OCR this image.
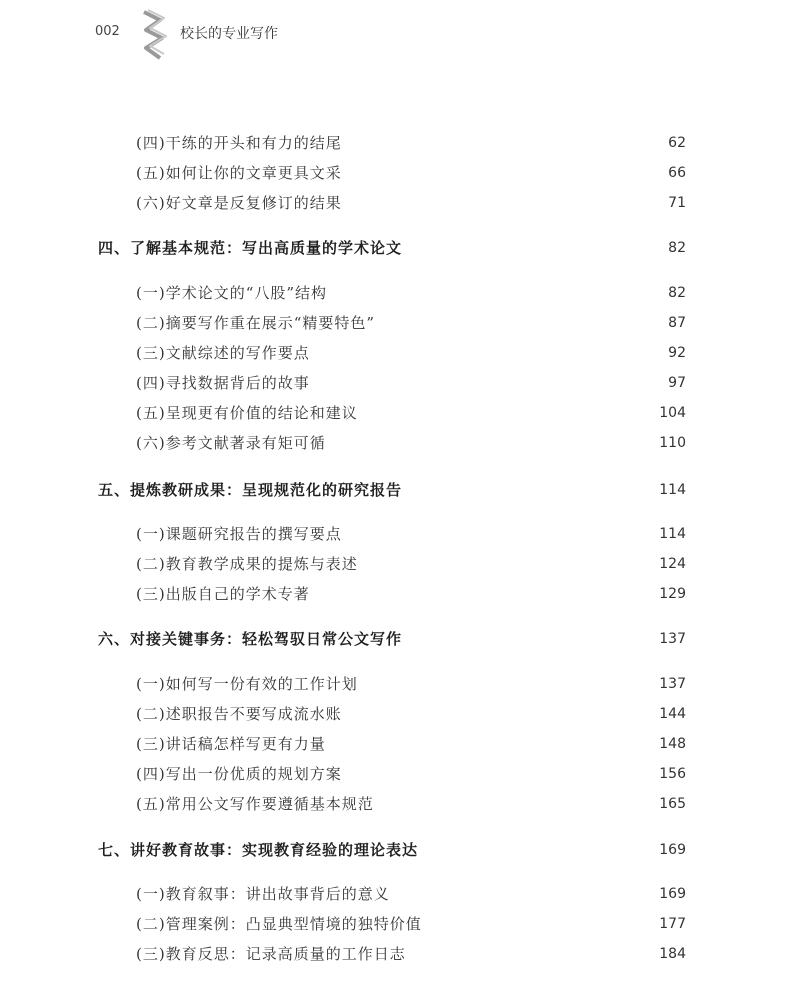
002	校长的专业写作
(四)干练的开头和有力的结尾	62
(五)如何让你的文章更具文采	66
(六)好文章是反复修订的结果	71
四、了解基本规范：写出高质量的学术论文	82
(一)学术论文的“八股”结构	82
(二)摘要写作重在展示“精要特色”	87
(三)文献综述的写作要点	92
(四)寻找数据背后的故事	97
(五)呈现更有价值的结论和建议	104
(六)参考文献著录有矩可循	110
五、提炼教研成果：呈现规范化的研究报告	114
(一)课题研究报告的撰写要点	114
(二)教育教学成果的提炼与表述	124
(三)出版自己的学术专著	129
六、对接关键事务：轻松驾驭日常公文写作	137
(一)如何写一份有效的工作计划	137
(二)述职报告不要写成流水账	144
(三)讲话稿怎样写更有力量	148
(四)写出一份优质的规划方案	156
(五)常用公文写作要遵循基本规范	165
七、讲好教育故事：实现教育经验的理论表达	169
(一)教育叙事：讲出故事背后的意义	169
(二)管理案例：凸显典型情境的独特价值	177
(三)教育反思：记录高质量的工作日志	184
